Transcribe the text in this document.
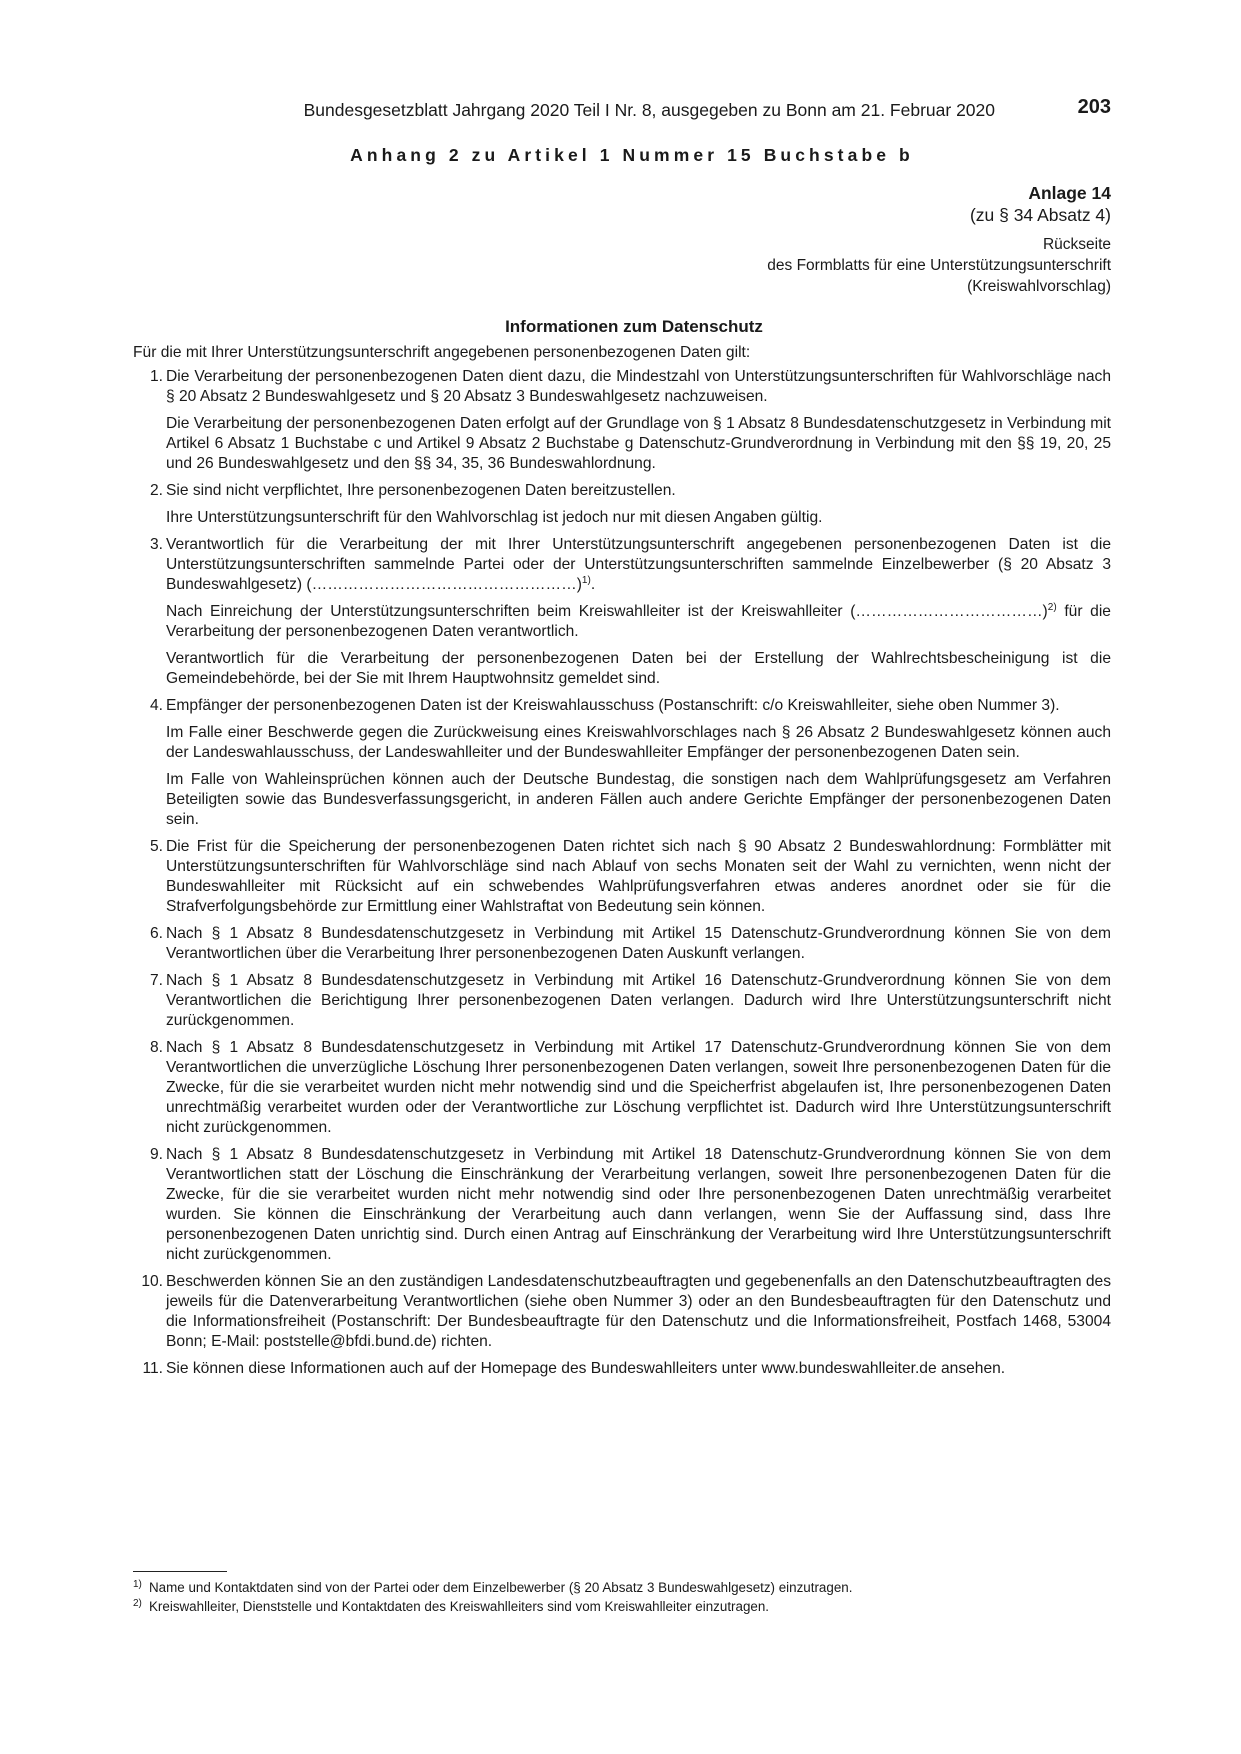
Bundesgesetzblatt Jahrgang 2020 Teil I Nr. 8, ausgegeben zu Bonn am 21. Februar 2020	203
Anhang 2 zu Artikel 1 Nummer 15 Buchstabe b
Anlage 14
(zu § 34 Absatz 4)
Rückseite
des Formblatts für eine Unterstützungsunterschrift
(Kreiswahlvorschlag)
Informationen zum Datenschutz
Für die mit Ihrer Unterstützungsunterschrift angegebenen personenbezogenen Daten gilt:
1. Die Verarbeitung der personenbezogenen Daten dient dazu, die Mindestzahl von Unterstützungsunterschriften für Wahlvorschläge nach § 20 Absatz 2 Bundeswahlgesetz und § 20 Absatz 3 Bundeswahlgesetz nachzuweisen.

Die Verarbeitung der personenbezogenen Daten erfolgt auf der Grundlage von § 1 Absatz 8 Bundesdatenschutzgesetz in Verbindung mit Artikel 6 Absatz 1 Buchstabe c und Artikel 9 Absatz 2 Buchstabe g Datenschutz-Grundverordnung in Verbindung mit den §§ 19, 20, 25 und 26 Bundeswahlgesetz und den §§ 34, 35, 36 Bundeswahlordnung.

2. Sie sind nicht verpflichtet, Ihre personenbezogenen Daten bereitzustellen.

Ihre Unterstützungsunterschrift für den Wahlvorschlag ist jedoch nur mit diesen Angaben gültig.

3. Verantwortlich für die Verarbeitung der mit Ihrer Unterstützungsunterschrift angegebenen personenbezogenen Daten ist die Unterstützungsunterschriften sammelnde Partei oder der Unterstützungsunterschriften sammelnde Einzelbewerber (§ 20 Absatz 3 Bundeswahlgesetz) (……………………………………………)$^{1)}$.

Nach Einreichung der Unterstützungsunterschriften beim Kreiswahlleiter ist der Kreiswahlleiter (………………………………)$^{2)}$ für die Verarbeitung der personenbezogenen Daten verantwortlich.

Verantwortlich für die Verarbeitung der personenbezogenen Daten bei der Erstellung der Wahlrechtsbescheinigung ist die Gemeindebehörde, bei der Sie mit Ihrem Hauptwohnsitz gemeldet sind.

4. Empfänger der personenbezogenen Daten ist der Kreiswahlausschuss (Postanschrift: c/o Kreiswahlleiter, siehe oben Nummer 3).

Im Falle einer Beschwerde gegen die Zurückweisung eines Kreiswahlvorschlages nach § 26 Absatz 2 Bundeswahlgesetz können auch der Landeswahlausschuss, der Landeswahlleiter und der Bundeswahlleiter Empfänger der personenbezogenen Daten sein.

Im Falle von Wahleinsprüchen können auch der Deutsche Bundestag, die sonstigen nach dem Wahlprüfungsgesetz am Verfahren Beteiligten sowie das Bundesverfassungsgericht, in anderen Fällen auch andere Gerichte Empfänger der personenbezogenen Daten sein.

5. Die Frist für die Speicherung der personenbezogenen Daten richtet sich nach § 90 Absatz 2 Bundeswahlordnung: Formblätter mit Unterstützungsunterschriften für Wahlvorschläge sind nach Ablauf von sechs Monaten seit der Wahl zu vernichten, wenn nicht der Bundeswahlleiter mit Rücksicht auf ein schwebendes Wahlprüfungsverfahren etwas anderes anordnet oder sie für die Strafverfolgungsbehörde zur Ermittlung einer Wahlstraftat von Bedeutung sein können.

6. Nach § 1 Absatz 8 Bundesdatenschutzgesetz in Verbindung mit Artikel 15 Datenschutz-Grundverordnung können Sie von dem Verantwortlichen über die Verarbeitung Ihrer personenbezogenen Daten Auskunft verlangen.

7. Nach § 1 Absatz 8 Bundesdatenschutzgesetz in Verbindung mit Artikel 16 Datenschutz-Grundverordnung können Sie von dem Verantwortlichen die Berichtigung Ihrer personenbezogenen Daten verlangen. Dadurch wird Ihre Unterstützungsunterschrift nicht zurückgenommen.

8. Nach § 1 Absatz 8 Bundesdatenschutzgesetz in Verbindung mit Artikel 17 Datenschutz-Grundverordnung können Sie von dem Verantwortlichen die unverzügliche Löschung Ihrer personenbezogenen Daten verlangen, soweit Ihre personenbezogenen Daten für die Zwecke, für die sie verarbeitet wurden nicht mehr notwendig sind und die Speicherfrist abgelaufen ist, Ihre personenbezogenen Daten unrechtmäßig verarbeitet wurden oder der Verantwortliche zur Löschung verpflichtet ist. Dadurch wird Ihre Unterstützungsunterschrift nicht zurückgenommen.

9. Nach § 1 Absatz 8 Bundesdatenschutzgesetz in Verbindung mit Artikel 18 Datenschutz-Grundverordnung können Sie von dem Verantwortlichen statt der Löschung die Einschränkung der Verarbeitung verlangen, soweit Ihre personenbezogenen Daten für die Zwecke, für die sie verarbeitet wurden nicht mehr notwendig sind oder Ihre personenbezogenen Daten unrechtmäßig verarbeitet wurden. Sie können die Einschränkung der Verarbeitung auch dann verlangen, wenn Sie der Auffassung sind, dass Ihre personenbezogenen Daten unrichtig sind. Durch einen Antrag auf Einschränkung der Verarbeitung wird Ihre Unterstützungsunterschrift nicht zurückgenommen.

10. Beschwerden können Sie an den zuständigen Landesdatenschutzbeauftragten und gegebenenfalls an den Datenschutzbeauftragten des jeweils für die Datenverarbeitung Verantwortlichen (siehe oben Nummer 3) oder an den Bundesbeauftragten für den Datenschutz und die Informationsfreiheit (Postanschrift: Der Bundesbeauftragte für den Datenschutz und die Informationsfreiheit, Postfach 1468, 53004 Bonn; E-Mail: poststelle@bfdi.bund.de) richten.

11. Sie können diese Informationen auch auf der Homepage des Bundeswahlleiters unter www.bundeswahlleiter.de ansehen.

$^{1)}$ Name und Kontaktdaten sind von der Partei oder dem Einzelbewerber (§ 20 Absatz 3 Bundeswahlgesetz) einzutragen.
$^{2)}$ Kreiswahlleiter, Dienststelle und Kontaktdaten des Kreiswahlleiters sind vom Kreiswahlleiter einzutragen.
